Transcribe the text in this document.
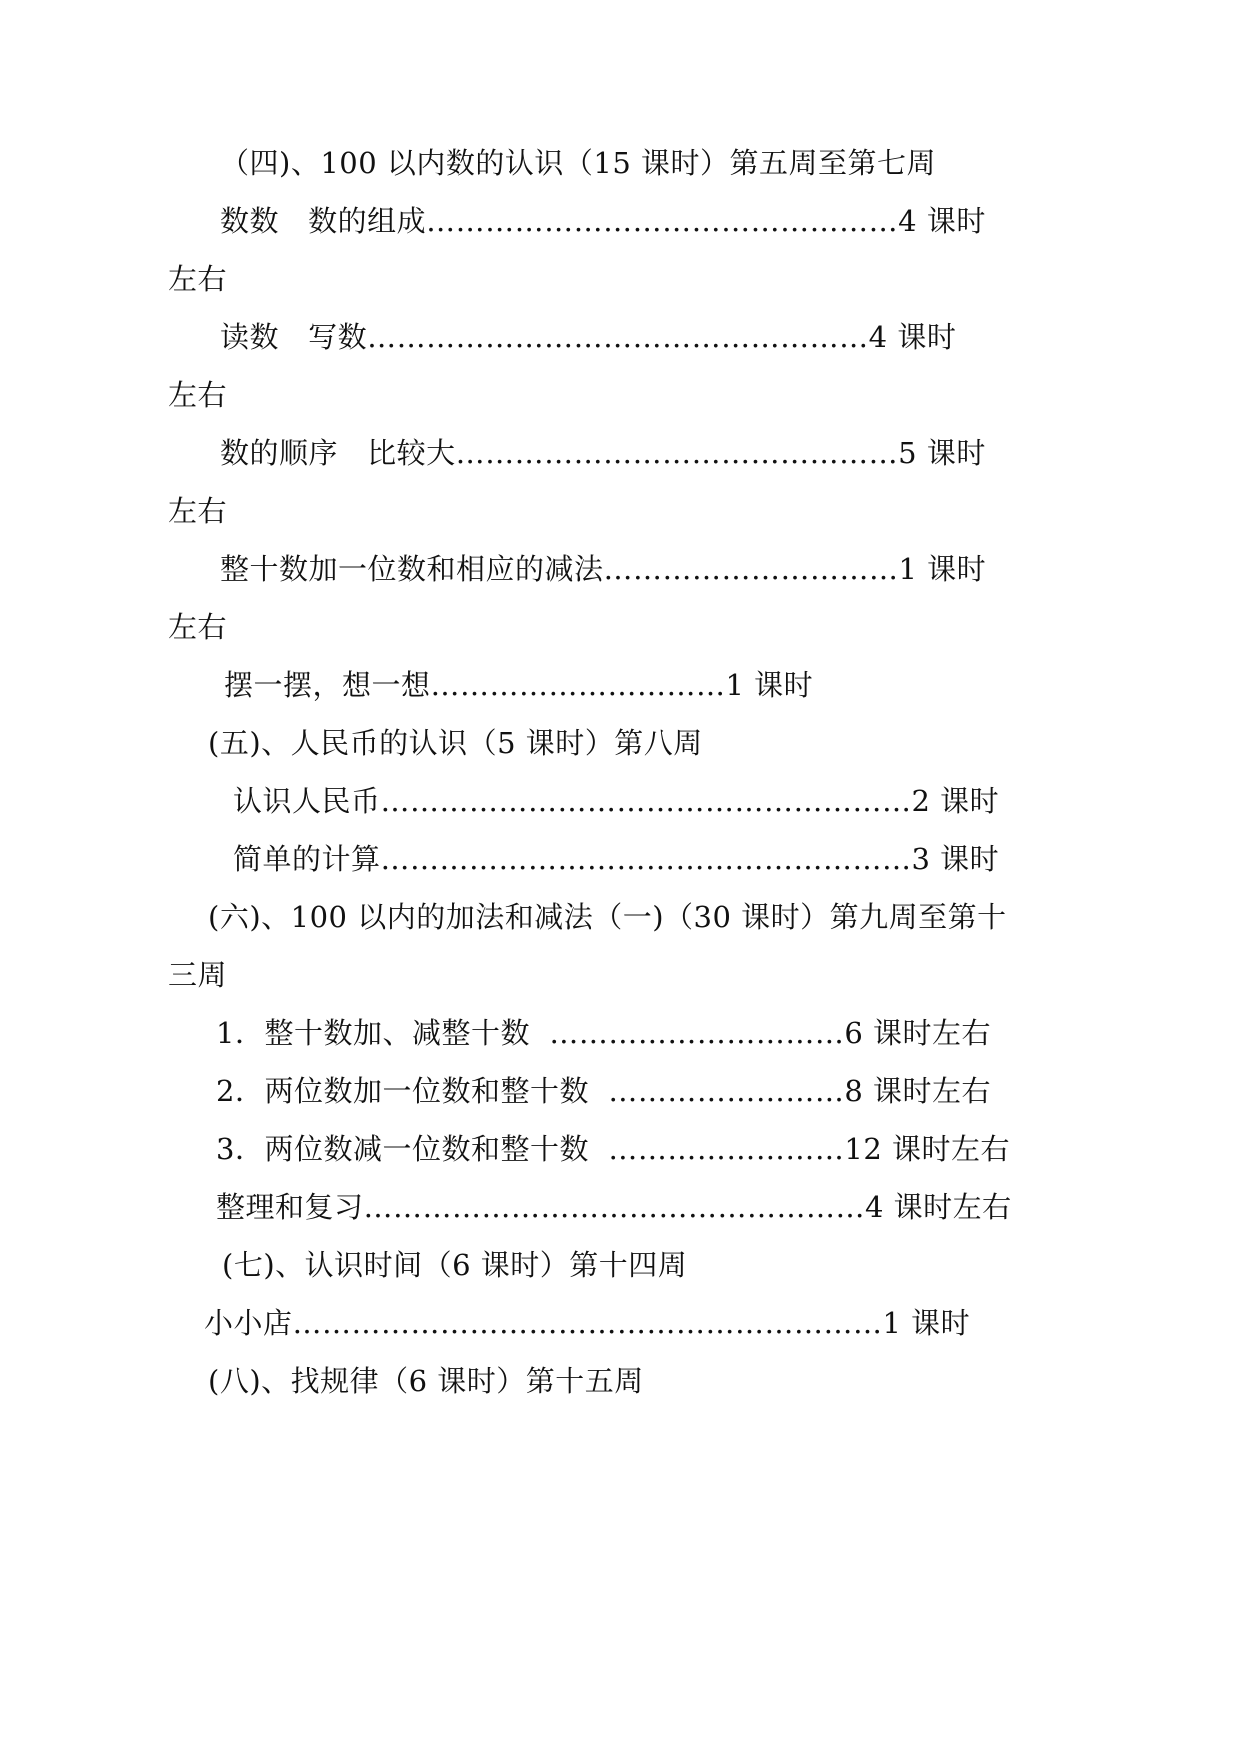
（四)、100 以内数的认识（15 课时）第五周至第七周
数数   数的组成…………………………………………4 课时
左右
读数   写数……………………………………………4 课时
左右
数的顺序   比较大………………………………………5 课时
左右
整十数加一位数和相应的减法…………………………1 课时
左右
摆一摆，想一想…………………………1 课时
(五)、人民币的认识（5 课时）第八周
认识人民币………………………………………………2 课时
简单的计算………………………………………………3 课时
(六)、100 以内的加法和减法（一)（30 课时）第九周至第十
三周
1．整十数加、减整十数  …………………………6 课时左右
2．两位数加一位数和整十数  ……………………8 课时左右
3．两位数减一位数和整十数  ……………………12 课时左右
整理和复习……………………………………………4 课时左右
(七)、认识时间（6 课时）第十四周
小小店……………………………………………………1 课时
(八)、找规律（6 课时）第十五周
